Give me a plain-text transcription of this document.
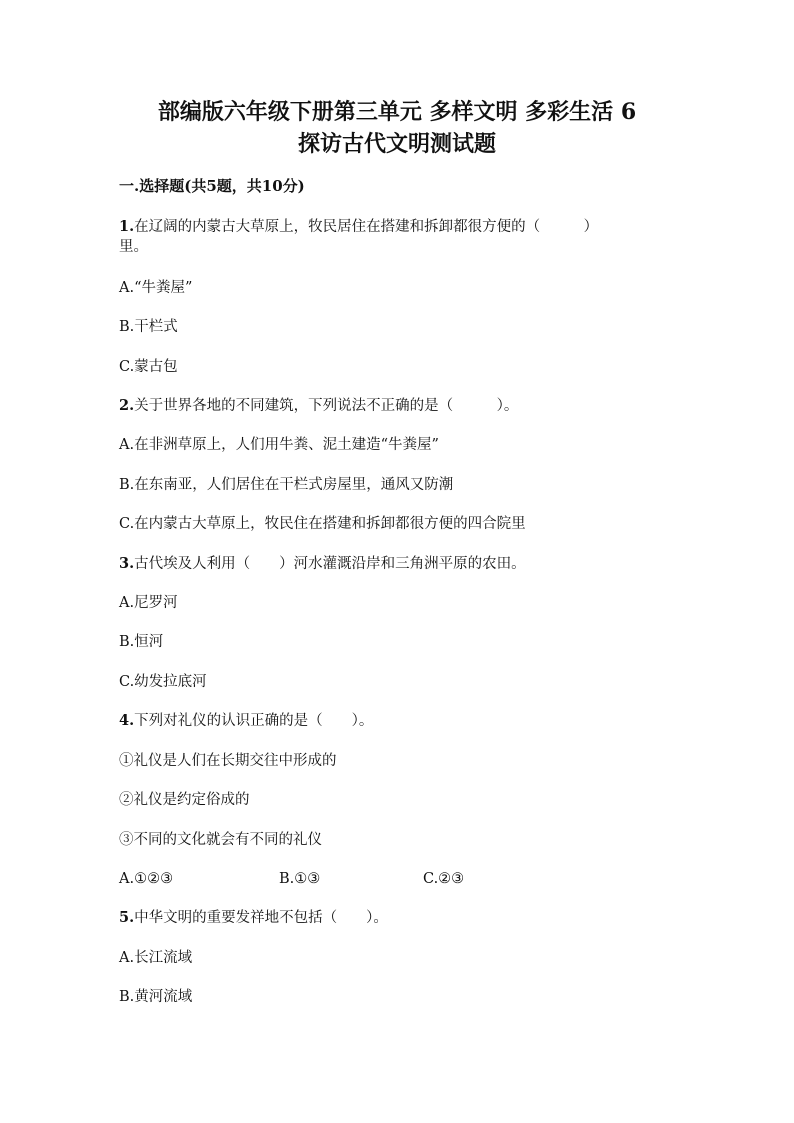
部编版六年级下册第三单元 多样文明 多彩生活 6
探访古代文明测试题
一.选择题(共5题，共10分)
1.在辽阔的内蒙古大草原上，牧民居住在搭建和拆卸都很方便的（　　　）
里。
A.“牛粪屋”
B.干栏式
C.蒙古包
2.关于世界各地的不同建筑，下列说法不正确的是（　　　）。
A.在非洲草原上，人们用牛粪、泥土建造“牛粪屋”
B.在东南亚，人们居住在干栏式房屋里，通风又防潮
C.在内蒙古大草原上，牧民住在搭建和拆卸都很方便的四合院里
3.古代埃及人利用（　　）河水灌溉沿岸和三角洲平原的农田。
A.尼罗河
B.恒河
C.幼发拉底河
4.下列对礼仪的认识正确的是（　　）。
①礼仪是人们在长期交往中形成的
②礼仪是约定俗成的
③不同的文化就会有不同的礼仪
A.①②③	B.①③	C.②③
5.中华文明的重要发祥地不包括（　　）。
A.长江流域
B.黄河流域
